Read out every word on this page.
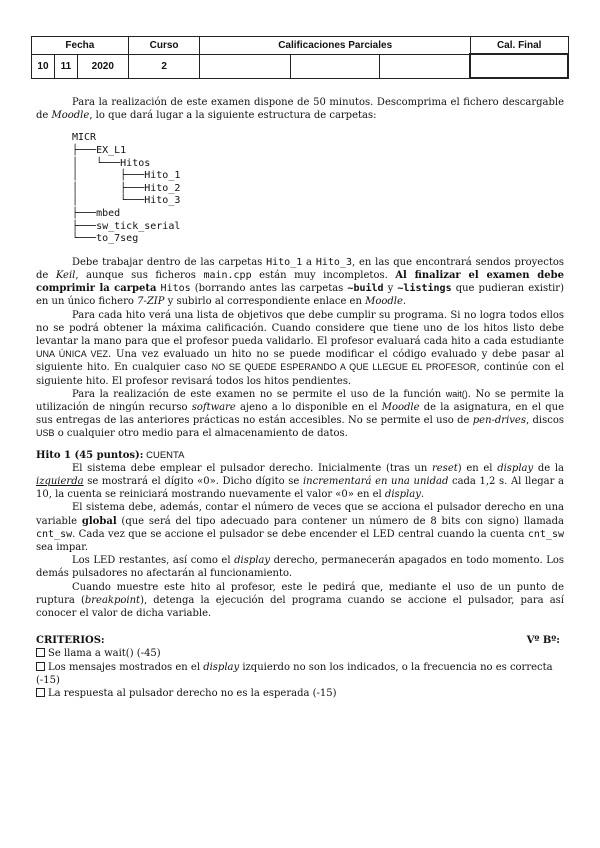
Fecha			Curso	Calificaciones Parciales			Cal. Final
10	11	2020	2				

Para la realización de este examen dispone de 50 minutos. Descomprima el fichero descargable de Moodle, lo que dará lugar a la siguiente estructura de carpetas:

MICR
├───EX_L1
│   └───Hitos
│       ├───Hito_1
│       ├───Hito_2
│       └───Hito_3
├───mbed
├───sw_tick_serial
└───to_7seg

Debe trabajar dentro de las carpetas Hito_1 a Hito_3, en las que encontrará sendos proyectos de Keil, aunque sus ficheros main.cpp están muy incompletos. Al finalizar el examen debe comprimir la carpeta Hitos (borrando antes las carpetas ~build y ~listings que pudieran existir) en un único fichero 7-ZIP y subirlo al correspondiente enlace en Moodle.

Para cada hito verá una lista de objetivos que debe cumplir su programa. Si no logra todos ellos no se podrá obtener la máxima calificación. Cuando considere que tiene uno de los hitos listo debe levantar la mano para que el profesor pueda validarlo. El profesor evaluará cada hito a cada estudiante UNA ÚNICA VEZ. Una vez evaluado un hito no se puede modificar el código evaluado y debe pasar al siguiente hito. En cualquier caso NO SE QUEDE ESPERANDO A QUE LLEGUE EL PROFESOR, continúe con el siguiente hito. El profesor revisará todos los hitos pendientes.

Para la realización de este examen no se permite el uso de la función wait(). No se permite la utilización de ningún recurso software ajeno a lo disponible en el Moodle de la asignatura, en el que sus entregas de las anteriores prácticas no están accesibles. No se permite el uso de pen-drives, discos USB o cualquier otro medio para el almacenamiento de datos.

Hito 1 (45 puntos): CUENTA

El sistema debe emplear el pulsador derecho. Inicialmente (tras un reset) en el display de la izquierda se mostrará el dígito «0». Dicho dígito se incrementará en una unidad cada 1,2 s. Al llegar a 10, la cuenta se reiniciará mostrando nuevamente el valor «0» en el display.

El sistema debe, además, contar el número de veces que se acciona el pulsador derecho en una variable global (que será del tipo adecuado para contener un número de 8 bits con signo) llamada cnt_sw. Cada vez que se accione el pulsador se debe encender el LED central cuando la cuenta cnt_sw sea impar.

Los LED restantes, así como el display derecho, permanecerán apagados en todo momento. Los demás pulsadores no afectarán al funcionamiento.

Cuando muestre este hito al profesor, este le pedirá que, mediante el uso de un punto de ruptura (breakpoint), detenga la ejecución del programa cuando se accione el pulsador, para así conocer el valor de dicha variable.

CRITERIOS:	Vº Bº:
Se llama a wait() (-45)
Los mensajes mostrados en el display izquierdo no son los indicados, o la frecuencia no es correcta (-15)
La respuesta al pulsador derecho no es la esperada (-15)
